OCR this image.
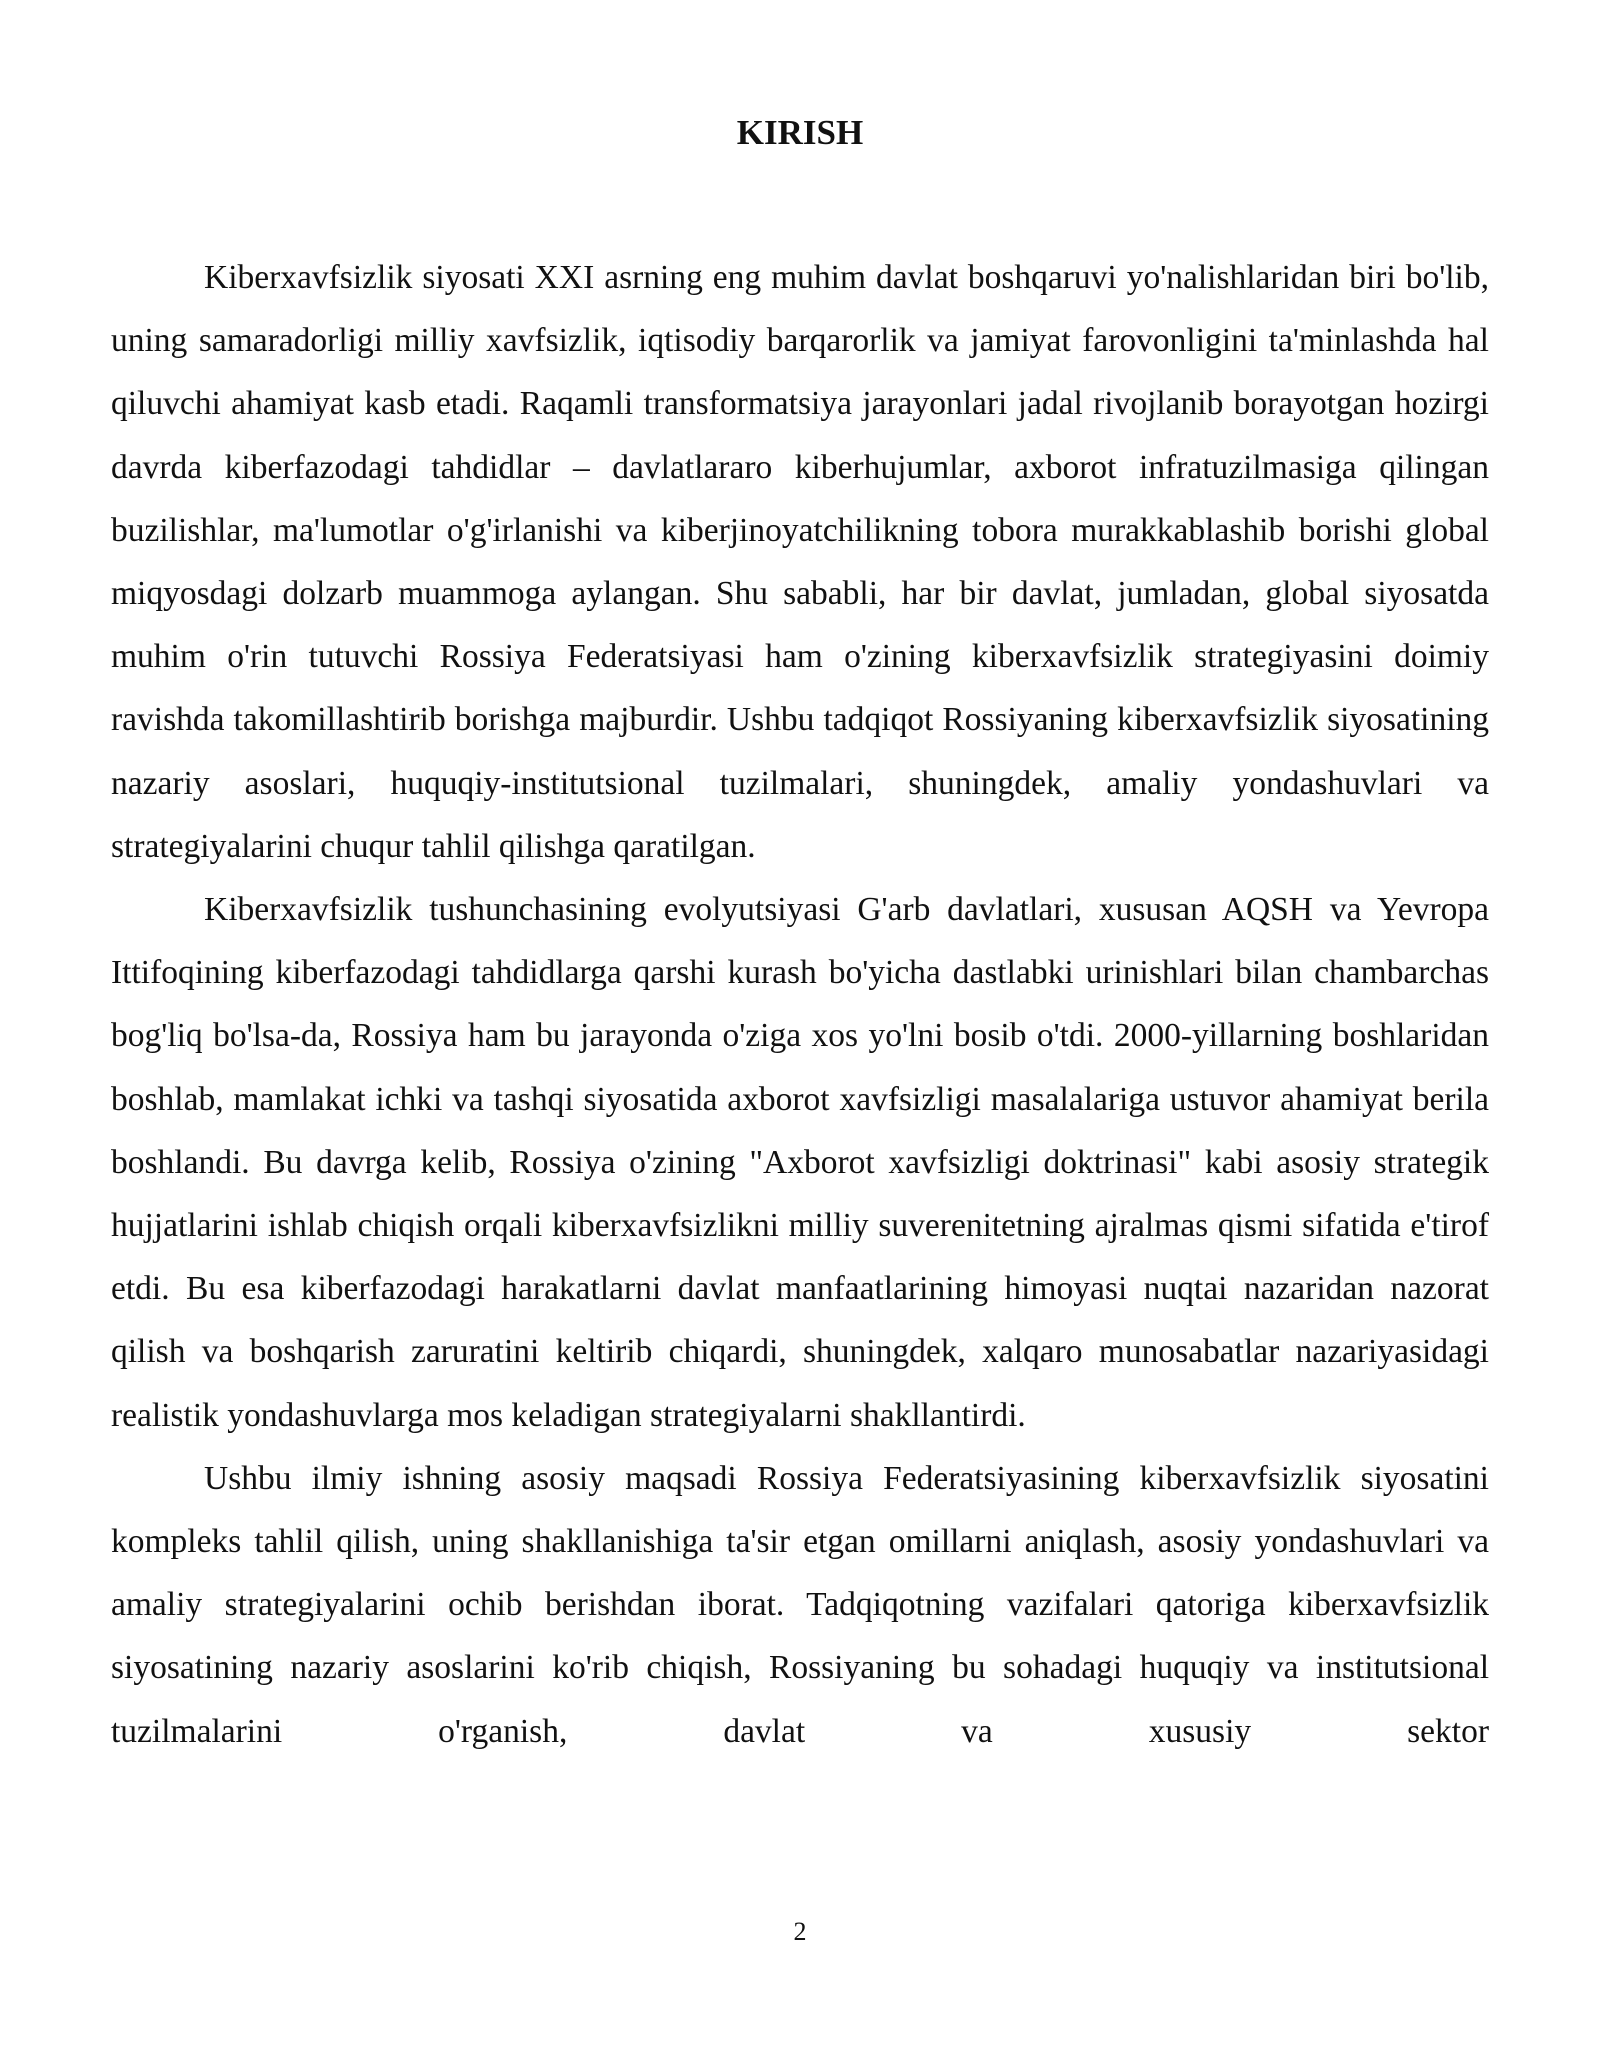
KIRISH

Kiberxavfsizlik siyosati XXI asrning eng muhim davlat boshqaruvi yo'nalishlaridan biri bo'lib, uning samaradorligi milliy xavfsizlik, iqtisodiy barqarorlik va jamiyat farovonligini ta'minlashda hal qiluvchi ahamiyat kasb etadi. Raqamli transformatsiya jarayonlari jadal rivojlanib borayotgan hozirgi davrda kiberfazodagi tahdidlar – davlatlararo kiberhujumlar, axborot infratuzilmasiga qilingan buzilishlar, ma'lumotlar o'g'irlanishi va kiberjinoyatchilikning tobora murakkablashib borishi global miqyosdagi dolzarb muammoga aylangan. Shu sababli, har bir davlat, jumladan, global siyosatda muhim o'rin tutuvchi Rossiya Federatsiyasi ham o'zining kiberxavfsizlik strategiyasini doimiy ravishda takomillashtirib borishga majburdir. Ushbu tadqiqot Rossiyaning kiberxavfsizlik siyosatining nazariy asoslari, huquqiy-institutsional tuzilmalari, shuningdek, amaliy yondashuvlari va strategiyalarini chuqur tahlil qilishga qaratilgan.

Kiberxavfsizlik tushunchasining evolyutsiyasi G'arb davlatlari, xususan AQSH va Yevropa Ittifoqining kiberfazodagi tahdidlarga qarshi kurash bo'yicha dastlabki urinishlari bilan chambarchas bog'liq bo'lsa-da, Rossiya ham bu jarayonda o'ziga xos yo'lni bosib o'tdi. 2000-yillarning boshlaridan boshlab, mamlakat ichki va tashqi siyosatida axborot xavfsizligi masalalariga ustuvor ahamiyat berila boshlandi. Bu davrga kelib, Rossiya o'zining "Axborot xavfsizligi doktrinasi" kabi asosiy strategik hujjatlarini ishlab chiqish orqali kiberxavfsizlikni milliy suverenitetning ajralmas qismi sifatida e'tirof etdi. Bu esa kiberfazodagi harakatlarni davlat manfaatlarining himoyasi nuqtai nazaridan nazorat qilish va boshqarish zaruratini keltirib chiqardi, shuningdek, xalqaro munosabatlar nazariyasidagi realistik yondashuvlarga mos keladigan strategiyalarni shakllantirdi.

Ushbu ilmiy ishning asosiy maqsadi Rossiya Federatsiyasining kiberxavfsizlik siyosatini kompleks tahlil qilish, uning shakllanishiga ta'sir etgan omillarni aniqlash, asosiy yondashuvlari va amaliy strategiyalarini ochib berishdan iborat. Tadqiqotning vazifalari qatoriga kiberxavfsizlik siyosatining nazariy asoslarini ko'rib chiqish, Rossiyaning bu sohadagi huquqiy va institutsional tuzilmalarini o'rganish, davlat va xususiy sektor

2
